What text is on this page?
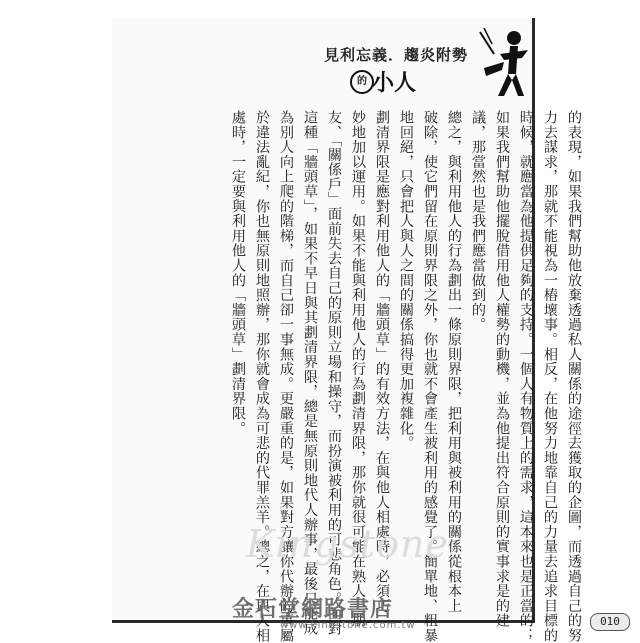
見利忘義．趨炎附勢
的 小人

的表現，如果我們幫助他放棄透過私人關係的途徑去獲取的企圖，而透過自己的努

力去謀求，那就不能視為一樁壞事。相反，在他努力地靠自己的力量去追求目標的

時候，就應當為他提供足夠的支持。一個人有物質上的需求，這本來也是正當的；

如果我們幫助他擺脫借用他人權勢的動機，並為他提出符合原則的實事求是的建

議，那當然也是我們應當做到的。

總之，與利用他人的行為劃出一條原則界限，把利用與被利用的關係從根本上

破除，使它們留在原則界限之外，你也就不會產生被利用的感覺了。簡單地、粗暴

地回絕，只會把人與人之間的關係搞得更加複雜化。

劃清界限是應對利用他人的「牆頭草」的有效方法，在與他人相處時，必須巧

妙地加以運用。如果不能與利用他人的行為劃清界限，那你就很可能在熟人、朋

友、「關係戶」面前失去自己的原則立場和操守，而扮演被利用的可悲角色。面對

這種「牆頭草」，如果不早日與其劃清界限，總是無原則地代人辦事，最後只能成

為別人向上爬的階梯，而自己卻一事無成。更嚴重的是，如果對方讓你代辦的事屬

於違法亂紀，你也無原則地照辦，那你就會成為可悲的代罪羔羊。總之，在與人相

處時，一定要與利用他人的「牆頭草」劃清界限。

010
Kingstone
金石堂網路書店
www.kingstone.com.tw
